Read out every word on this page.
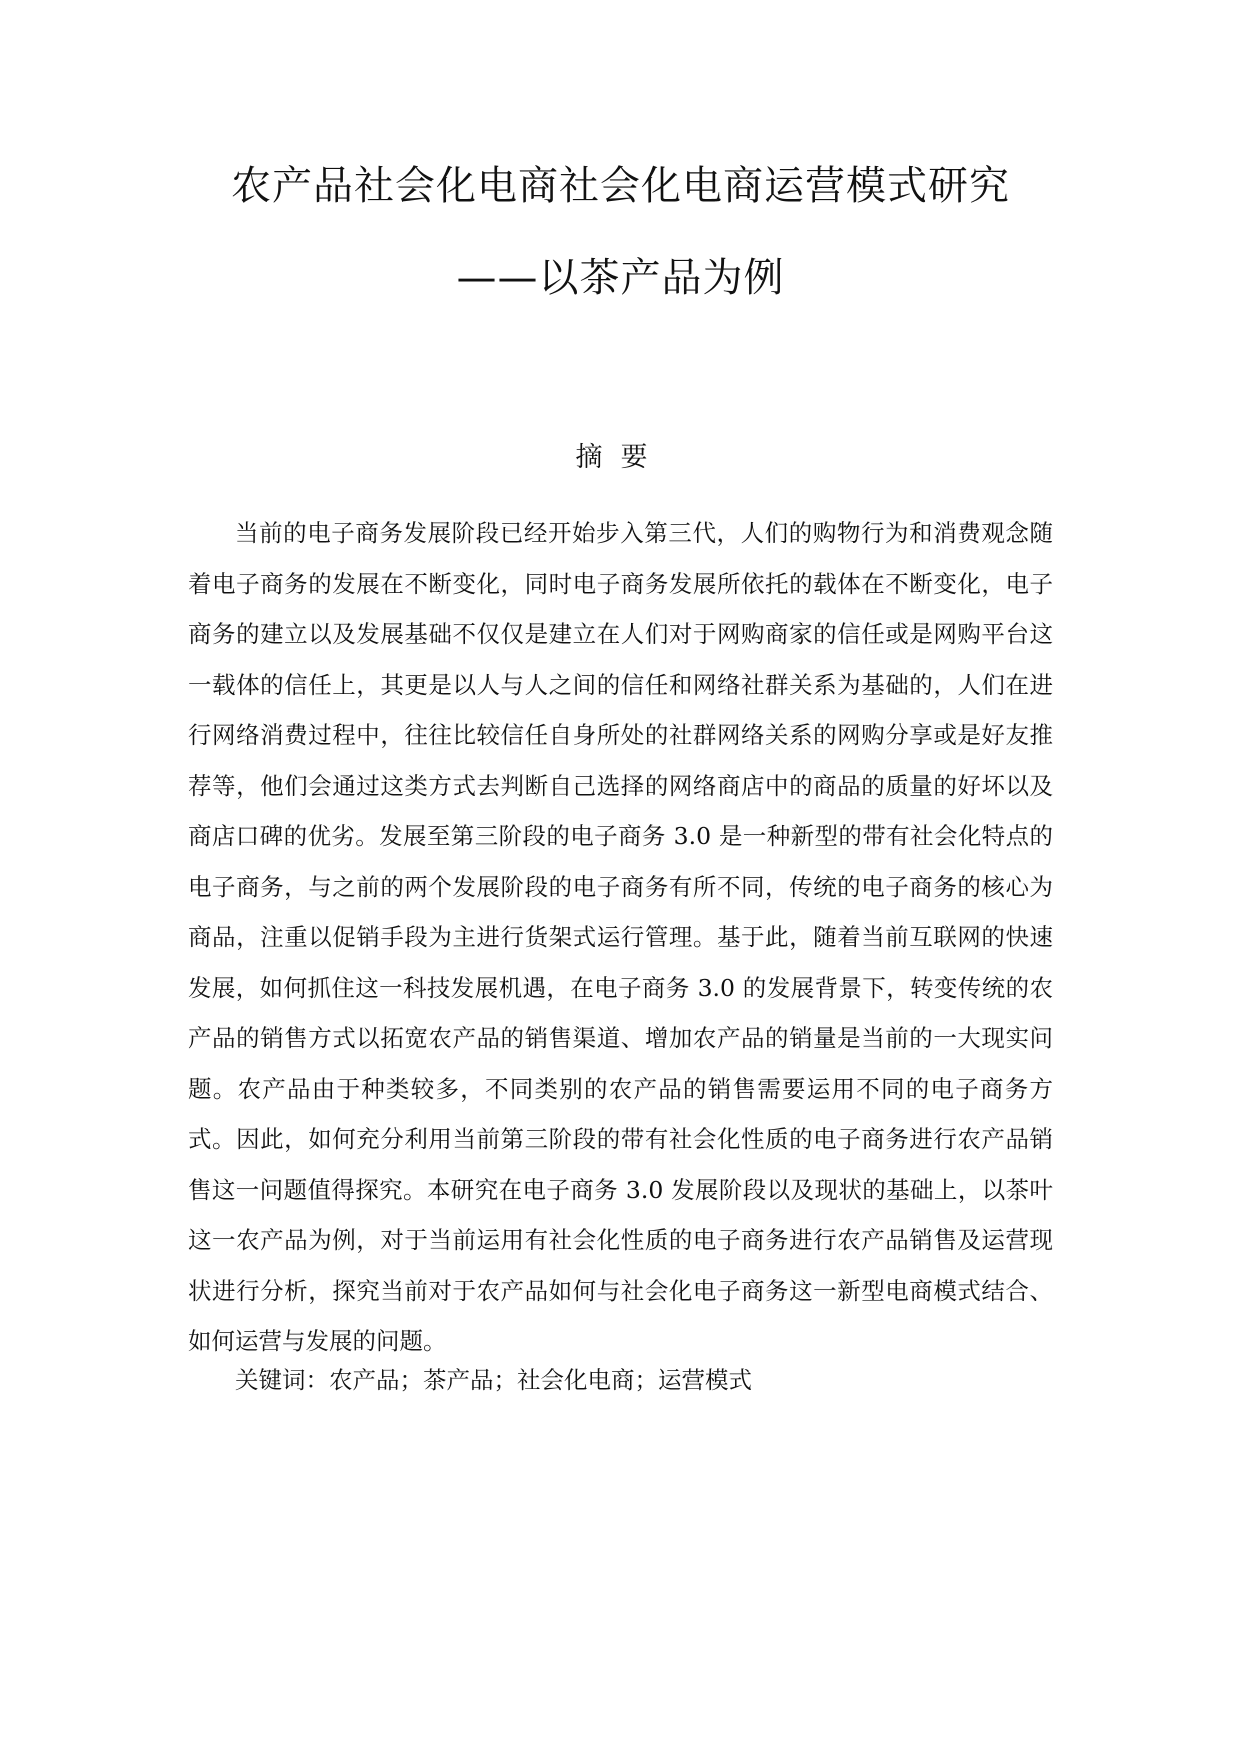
农产品社会化电商社会化电商运营模式研究
——以茶产品为例
摘要

当前的电子商务发展阶段已经开始步入第三代，人们的购物行为和消费观念随着电子商务的发展在不断变化，同时电子商务发展所依托的载体在不断变化，电子商务的建立以及发展基础不仅仅是建立在人们对于网购商家的信任或是网购平台这一载体的信任上，其更是以人与人之间的信任和网络社群关系为基础的，人们在进行网络消费过程中，往往比较信任自身所处的社群网络关系的网购分享或是好友推荐等，他们会通过这类方式去判断自己选择的网络商店中的商品的质量的好坏以及商店口碑的优劣。发展至第三阶段的电子商务 3.0 是一种新型的带有社会化特点的电子商务，与之前的两个发展阶段的电子商务有所不同，传统的电子商务的核心为商品，注重以促销手段为主进行货架式运行管理。基于此，随着当前互联网的快速发展，如何抓住这一科技发展机遇，在电子商务 3.0 的发展背景下，转变传统的农产品的销售方式以拓宽农产品的销售渠道、增加农产品的销量是当前的一大现实问题。农产品由于种类较多，不同类别的农产品的销售需要运用不同的电子商务方式。因此，如何充分利用当前第三阶段的带有社会化性质的电子商务进行农产品销售这一问题值得探究。本研究在电子商务 3.0 发展阶段以及现状的基础上，以茶叶这一农产品为例，对于当前运用有社会化性质的电子商务进行农产品销售及运营现状进行分析，探究当前对于农产品如何与社会化电子商务这一新型电商模式结合、如何运营与发展的问题。

关键词：农产品；茶产品；社会化电商；运营模式
